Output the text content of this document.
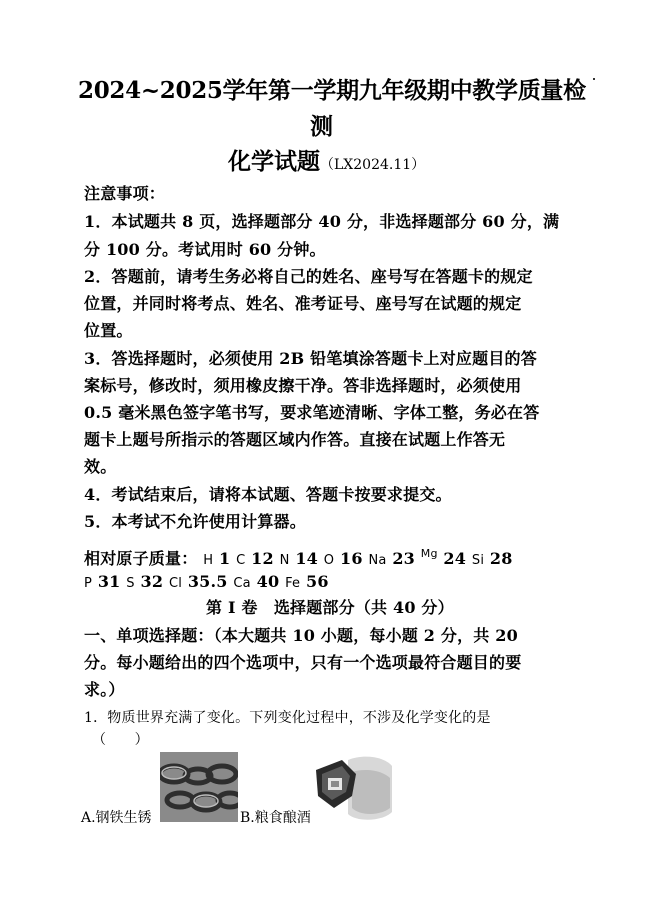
2024~2025学年第一学期九年级期中教学质量检
测
化学试题（LX2024.11）
注意事项：
1．本试题共 8 页，选择题部分 40 分，非选择题部分 60 分，满
分 100 分。考试用时 60 分钟。
2．答题前，请考生务必将自己的姓名、座号写在答题卡的规定
位置，并同时将考点、姓名、准考证号、座号写在试题的规定
位置。
3．答选择题时，必须使用 2B 铅笔填涂答题卡上对应题目的答
案标号，修改时，须用橡皮擦干净。答非选择题时，必须使用
0.5 毫米黑色签字笔书写，要求笔迹清晰、字体工整，务必在答
题卡上题号所指示的答题区域内作答。直接在试题上作答无
效。
4．考试结束后，请将本试题、答题卡按要求提交。
5．本考试不允许使用计算器。
相对原子质量： H 1 C 12 N 14 O 16 Na 23 $^{Mg}$ 24 Si 28
P 31 S 32 Cl 35.5 Ca 40 Fe 56
第 I 卷　选择题部分（共 40 分）
一、单项选择题：（本大题共 10 小题，每小题 2 分，共 20
分。每小题给出的四个选项中，只有一个选项最符合题目的要
求。）
1．物质世界充满了变化。下列变化过程中，不涉及化学变化的是
（　　）
A.钢铁生锈	B.粮食酿酒
